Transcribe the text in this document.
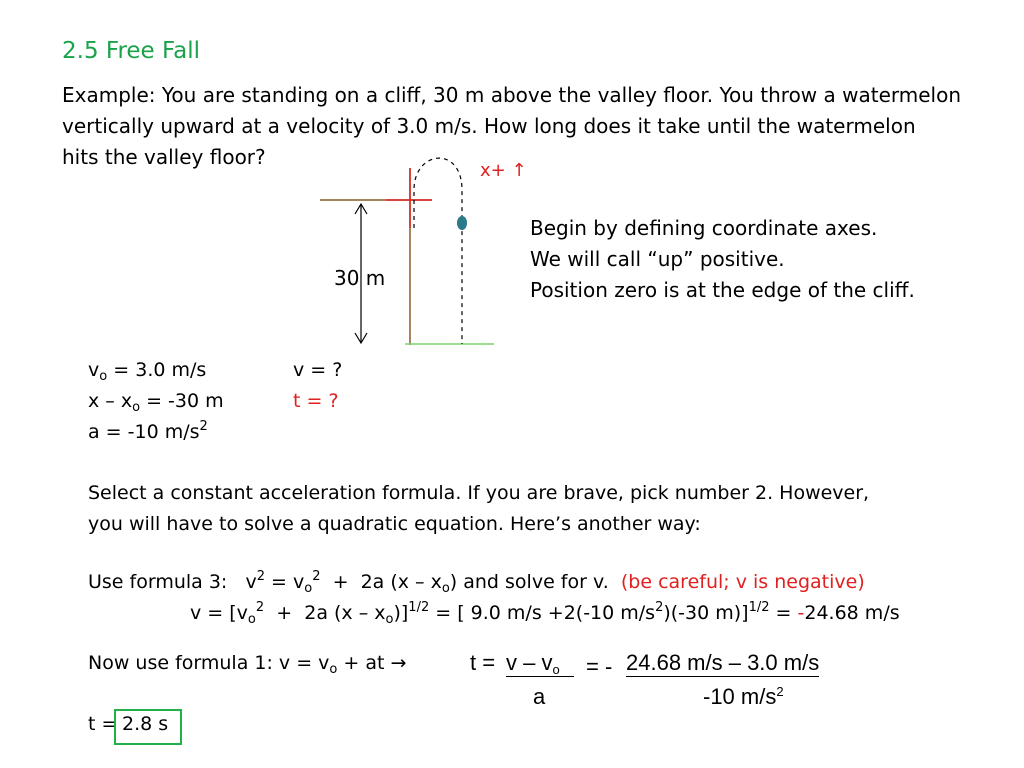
2.5 Free Fall
Example: You are standing on a cliff, 30 m above the valley floor. You throw a watermelon
vertically upward at a velocity of 3.0 m/s. How long does it take until the watermelon
hits the valley floor?
x+ ↑
30 m
Begin by defining coordinate axes.
We will call “up” positive.
Position zero is at the edge of the cliff.
$v_o = 3.0$ m/s
$x - x_o = -30$ m
a = -10 $m/s^2$
v = ?
t = ?
Select a constant acceleration formula. If you are brave, pick number 2. However,
you will have to solve a quadratic equation. Here’s another way:
Use formula 3:   $v^2 = v_o^2 + 2a$ $(x - x_o)$ and solve for v. (be careful; v is negative)
$v = [v_o^2 + 2a$ $(x - x_o)]^{1/2}$ = [ 9.0 m/s +2(-10 $m/s^2)(-30$ m)]$^{1/2}$ = -24.68 m/s
Now use formula 1: $v = v_o$ + at →	$t = v - v_o$	= - 24.68 m/s – 3.0 m/s
a	-10 $m/s^2$
t = 2.8 s
